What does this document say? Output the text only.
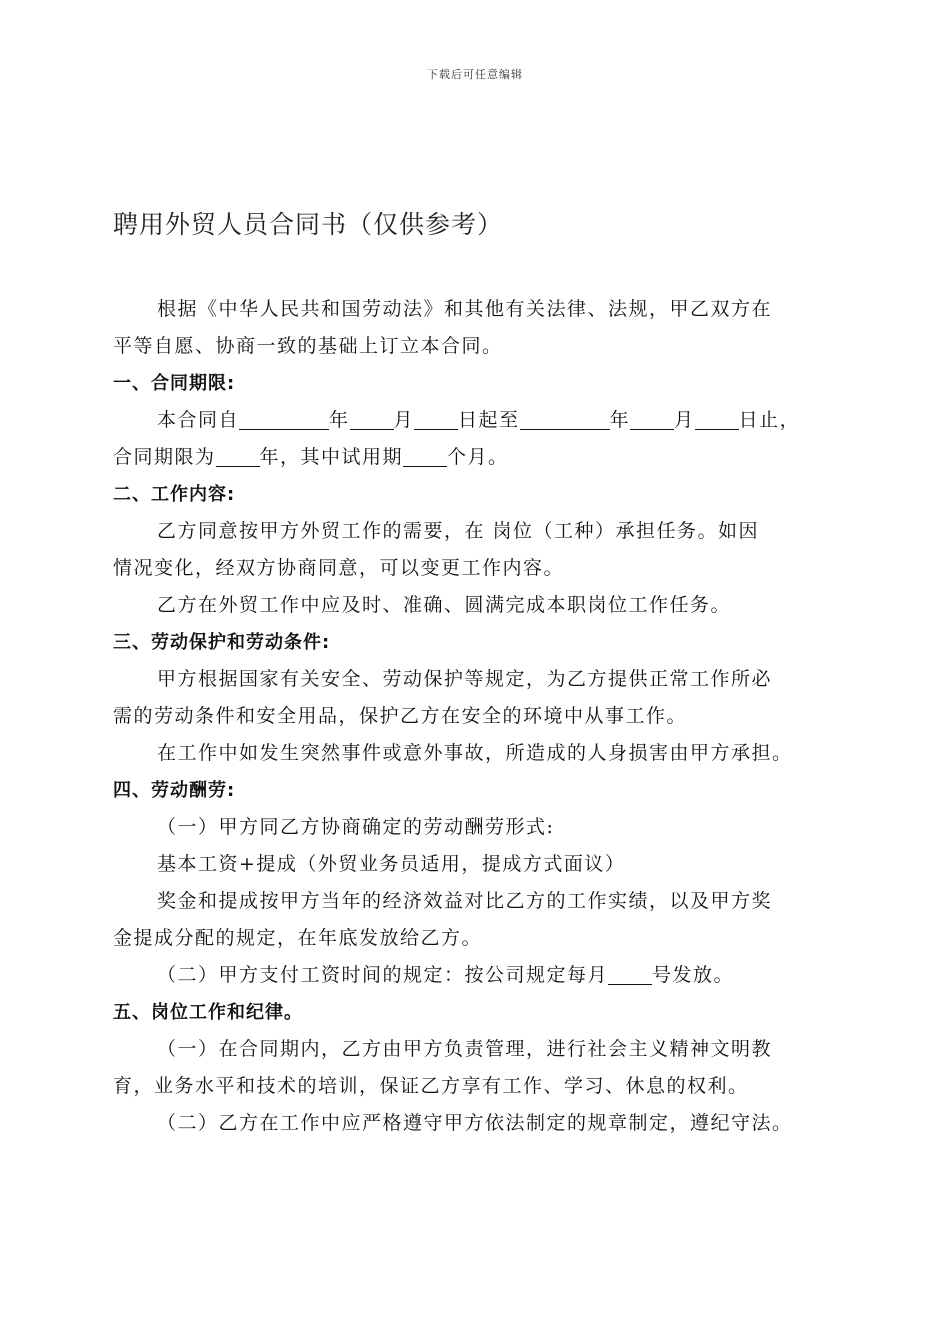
下载后可任意编辑
聘用外贸人员合同书（仅供参考）
根据《中华人民共和国劳动法》和其他有关法律、法规，甲乙双方在
平等自愿、协商一致的基础上订立本合同。
一、合同期限:
本合同自	年 月 日起至	年 月 日止，
合同期限为 年，其中试用期 个月。
二、工作内容:
乙方同意按甲方外贸工作的需要，在 岗位（工种）承担任务。如因
情况变化，经双方协商同意，可以变更工作内容。
乙方在外贸工作中应及时、准确、圆满完成本职岗位工作任务。
三、劳动保护和劳动条件:
甲方根据国家有关安全、劳动保护等规定，为乙方提供正常工作所必
需的劳动条件和安全用品，保护乙方在安全的环境中从事工作。
在工作中如发生突然事件或意外事故，所造成的人身损害由甲方承担。
四、劳动酬劳:
（一）甲方同乙方协商确定的劳动酬劳形式:
基本工资+提成（外贸业务员适用，提成方式面议）
奖金和提成按甲方当年的经济效益对比乙方的工作实绩，以及甲方奖
金提成分配的规定，在年底发放给乙方。
（二）甲方支付工资时间的规定：按公司规定每月 号发放。
五、岗位工作和纪律。
（一）在合同期内，乙方由甲方负责管理，进行社会主义精神文明教
育，业务水平和技术的培训，保证乙方享有工作、学习、休息的权利。
（二）乙方在工作中应严格遵守甲方依法制定的规章制定，遵纪守法。
